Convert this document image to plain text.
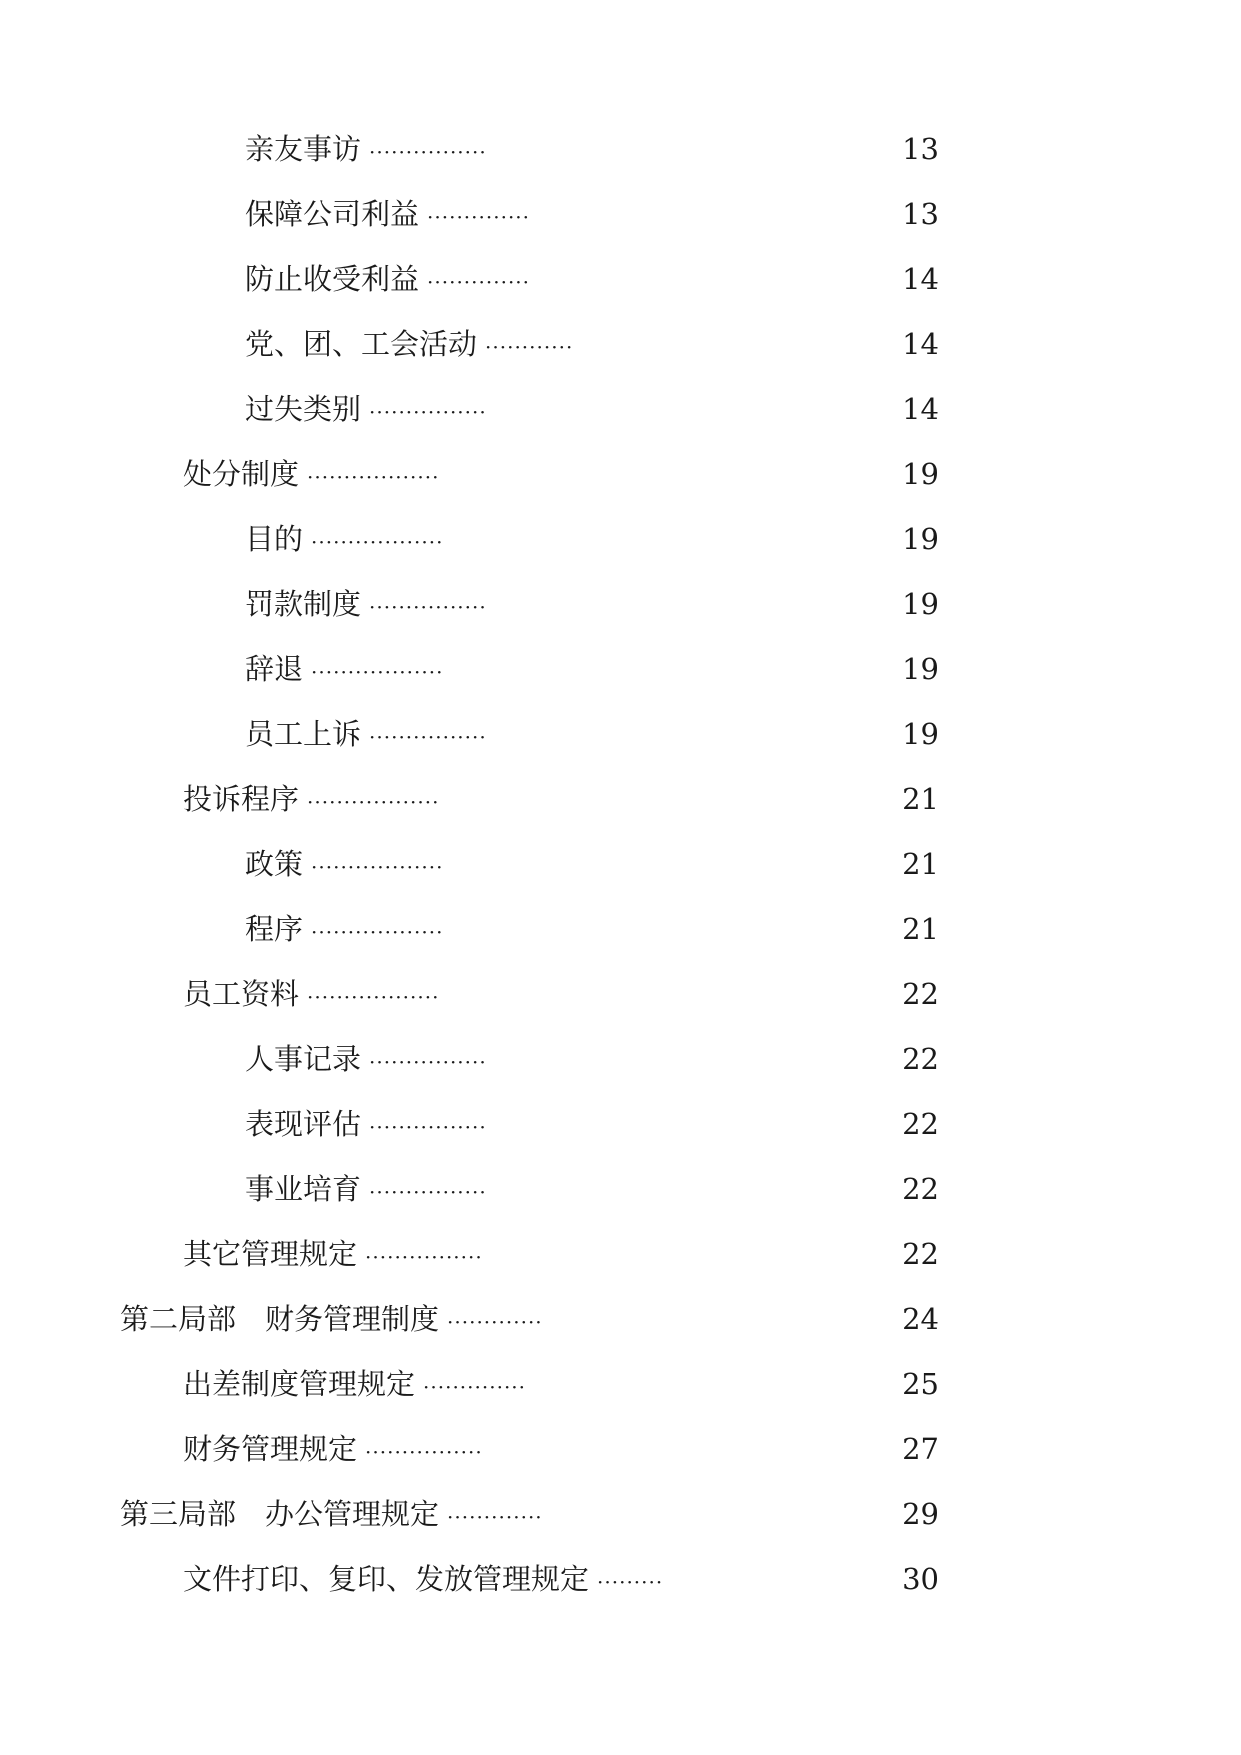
亲友事访 ················	13
保障公司利益 ··············	13
防止收受利益 ··············	14
党、团、工会活动 ············	14
过失类别 ················	14
处分制度 ··················	19
目的 ··················	19
罚款制度 ················	19
辞退 ··················	19
员工上诉 ················	19
投诉程序 ··················	21
政策 ··················	21
程序 ··················	21
员工资料 ··················	22
人事记录 ················	22
表现评估 ················	22
事业培育 ················	22
其它管理规定 ················	22
第二局部　财务管理制度 ·············	24
出差制度管理规定 ··············	25
财务管理规定 ················	27
第三局部　办公管理规定 ·············	29
文件打印、复印、发放管理规定 ·········	30
